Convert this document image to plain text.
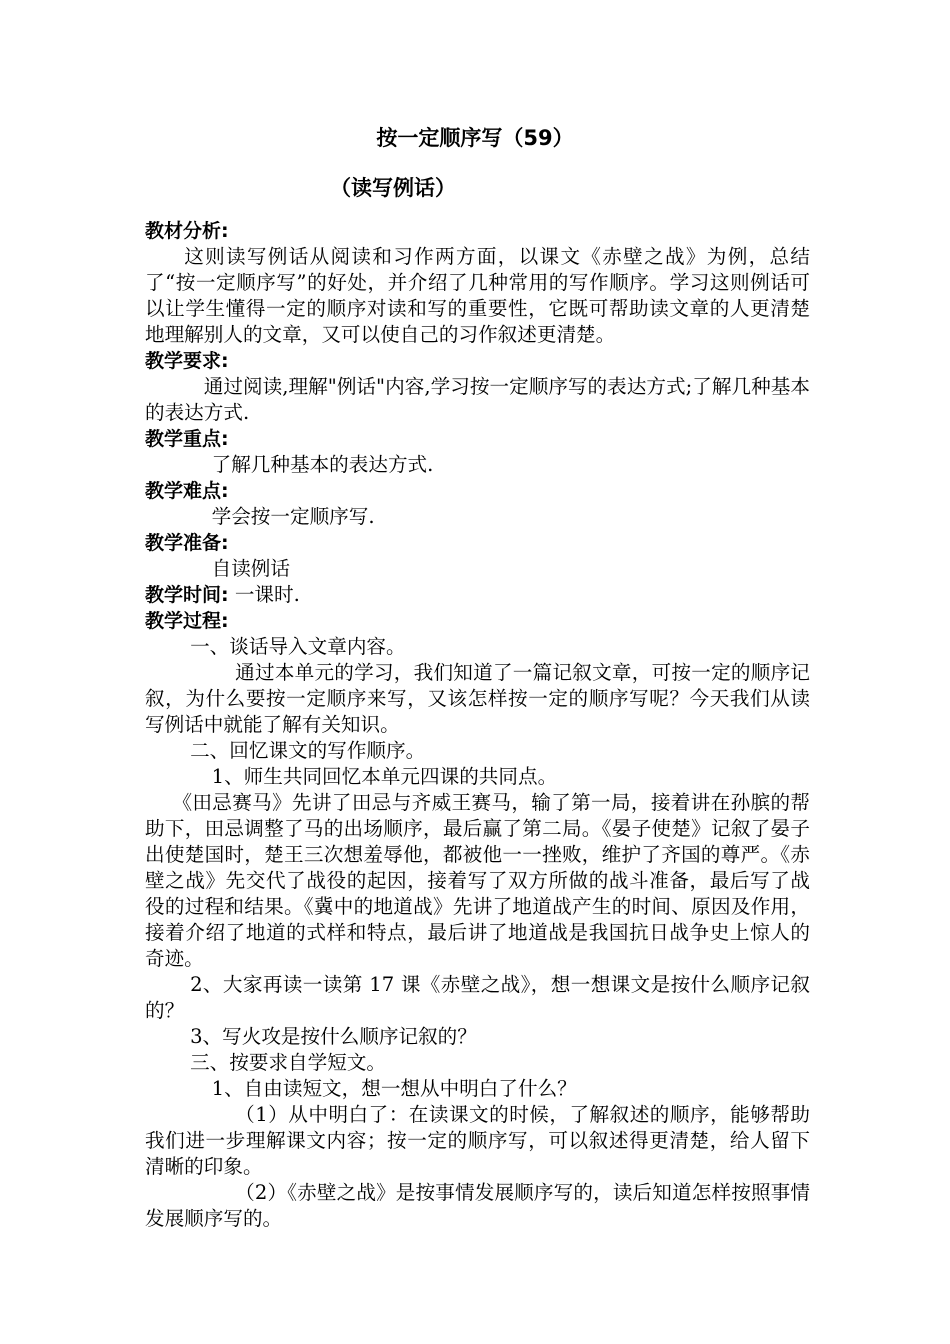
按一定顺序写（59）
（读写例话）

教材分析:

这则读写例话从阅读和习作两方面，以课文《赤壁之战》为例，总结了“按一定顺序写”的好处，并介绍了几种常用的写作顺序。学习这则例话可以让学生懂得一定的顺序对读和写的重要性，它既可帮助读文章的人更清楚地理解别人的文章，又可以使自己的习作叙述更清楚。

教学要求:

通过阅读,理解"例话"内容,学习按一定顺序写的表达方式;了解几种基本的表达方式.

教学重点:

了解几种基本的表达方式.

教学难点:

学会按一定顺序写.

教学准备:

自读例话

教学时间: 一课时.

教学过程:

一、谈话导入文章内容。

通过本单元的学习，我们知道了一篇记叙文章，可按一定的顺序记叙，为什么要按一定顺序来写，又该怎样按一定的顺序写呢？今天我们从读写例话中就能了解有关知识。

二、回忆课文的写作顺序。

1、师生共同回忆本单元四课的共同点。

《田忌赛马》先讲了田忌与齐威王赛马，输了第一局，接着讲在孙膑的帮助下，田忌调整了马的出场顺序，最后赢了第二局。《晏子使楚》记叙了晏子出使楚国时，楚王三次想羞辱他，都被他一一挫败，维护了齐国的尊严。《赤壁之战》先交代了战役的起因，接着写了双方所做的战斗准备，最后写了战役的过程和结果。《冀中的地道战》先讲了地道战产生的时间、原因及作用，接着介绍了地道的式样和特点，最后讲了地道战是我国抗日战争史上惊人的奇迹。

2、大家再读一读第 17 课《赤壁之战》，想一想课文是按什么顺序记叙的？

3、写火攻是按什么顺序记叙的？

三、按要求自学短文。

1、自由读短文，想一想从中明白了什么？

（1）从中明白了：在读课文的时候，了解叙述的顺序，能够帮助我们进一步理解课文内容；按一定的顺序写，可以叙述得更清楚，给人留下清晰的印象。

（2）《赤壁之战》是按事情发展顺序写的，读后知道怎样按照事情发展顺序写的。
